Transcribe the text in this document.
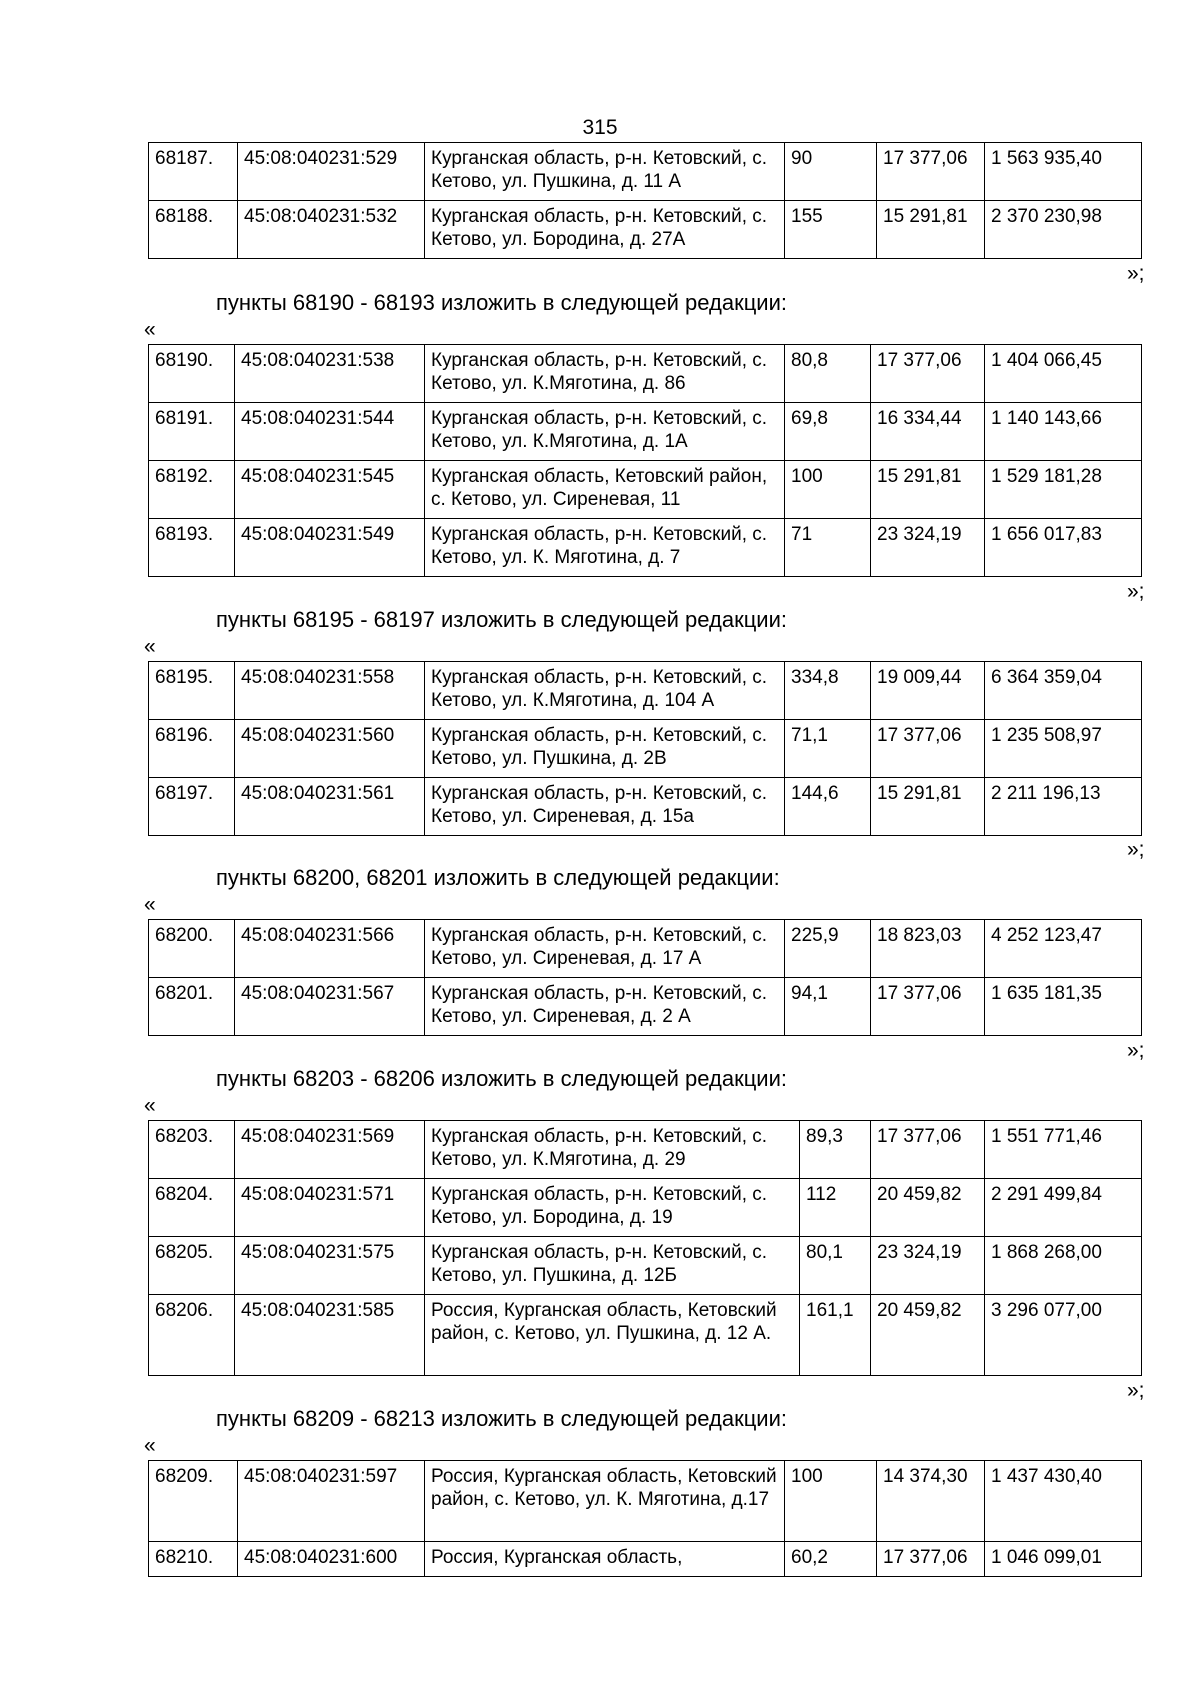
315
68187.	45:08:040231:529	Курганская область, р-н. Кетовский, с. Кетово, ул. Пушкина, д. 11 А	90	17 377,06	1 563 935,40
68188.	45:08:040231:532	Курганская область, р-н. Кетовский, с. Кетово, ул. Бородина, д. 27А	155	15 291,81	2 370 230,98
»;
пункты 68190 - 68193 изложить в следующей редакции:
«
68190.	45:08:040231:538	Курганская область, р-н. Кетовский, с. Кетово, ул. К.Мяготина, д. 86	80,8	17 377,06	1 404 066,45
68191.	45:08:040231:544	Курганская область, р-н. Кетовский, с. Кетово, ул. К.Мяготина, д. 1А	69,8	16 334,44	1 140 143,66
68192.	45:08:040231:545	Курганская область, Кетовский район, с. Кетово, ул. Сиреневая, 11	100	15 291,81	1 529 181,28
68193.	45:08:040231:549	Курганская область, р-н. Кетовский, с. Кетово, ул. К. Мяготина, д. 7	71	23 324,19	1 656 017,83
»;
пункты 68195 - 68197 изложить в следующей редакции:
«
68195.	45:08:040231:558	Курганская область, р-н. Кетовский, с. Кетово, ул. К.Мяготина, д. 104 А	334,8	19 009,44	6 364 359,04
68196.	45:08:040231:560	Курганская область, р-н. Кетовский, с. Кетово, ул. Пушкина, д. 2В	71,1	17 377,06	1 235 508,97
68197.	45:08:040231:561	Курганская область, р-н. Кетовский, с. Кетово, ул. Сиреневая, д. 15а	144,6	15 291,81	2 211 196,13
»;
пункты 68200, 68201 изложить в следующей редакции:
«
68200.	45:08:040231:566	Курганская область, р-н. Кетовский, с. Кетово, ул. Сиреневая, д. 17 А	225,9	18 823,03	4 252 123,47
68201.	45:08:040231:567	Курганская область, р-н. Кетовский, с. Кетово, ул. Сиреневая, д. 2 А	94,1	17 377,06	1 635 181,35
»;
пункты 68203 - 68206 изложить в следующей редакции:
«
68203.	45:08:040231:569	Курганская область, р-н. Кетовский, с. Кетово, ул. К.Мяготина, д. 29	89,3	17 377,06	1 551 771,46
68204.	45:08:040231:571	Курганская область, р-н. Кетовский, с. Кетово, ул. Бородина, д. 19	112	20 459,82	2 291 499,84
68205.	45:08:040231:575	Курганская область, р-н. Кетовский, с. Кетово, ул. Пушкина, д. 12Б	80,1	23 324,19	1 868 268,00
68206.	45:08:040231:585	Россия, Курганская область, Кетовский район, с. Кетово, ул. Пушкина, д. 12 А.	161,1	20 459,82	3 296 077,00
»;
пункты 68209 - 68213 изложить в следующей редакции:
«
68209.	45:08:040231:597	Россия, Курганская область, Кетовский район, с. Кетово, ул. К. Мяготина, д.17	100	14 374,30	1 437 430,40
68210.	45:08:040231:600	Россия, Курганская область,	60,2	17 377,06	1 046 099,01
